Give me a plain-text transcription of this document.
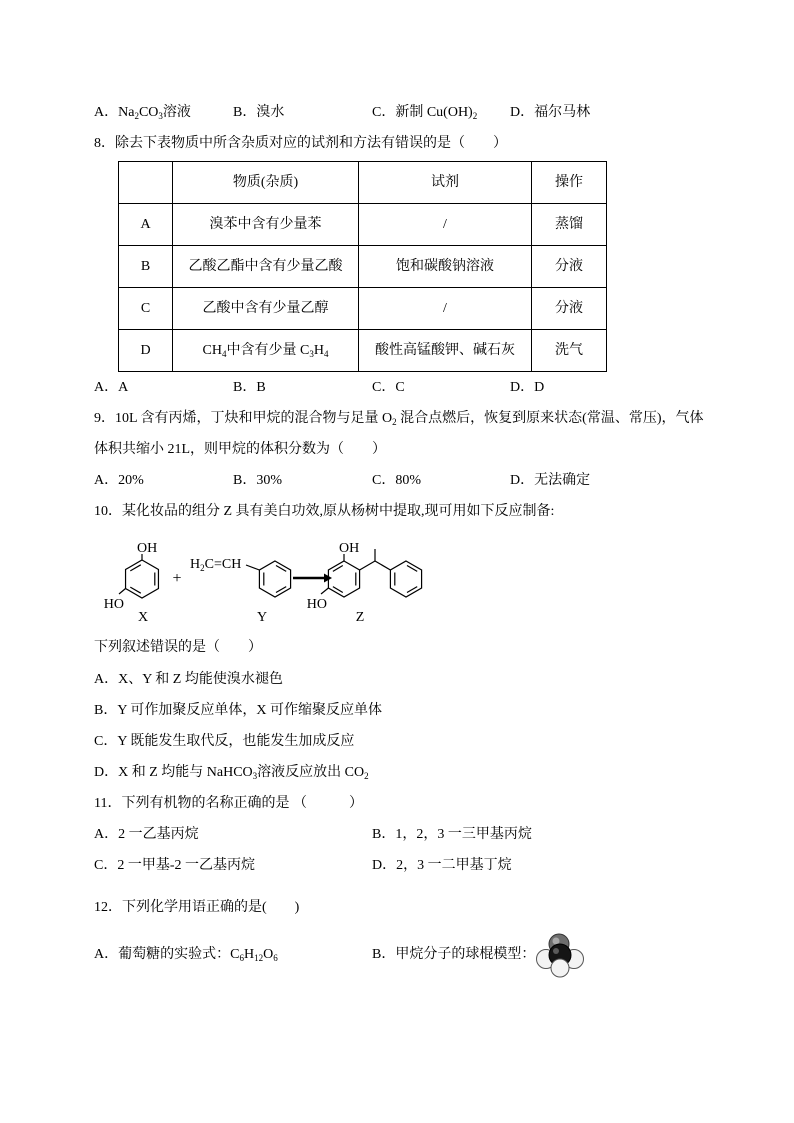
A．$Na_2CO_3$溶液	B．溴水	C．新制 $Cu(OH)_2$ D．福尔马林
8．除去下表物质中所含杂质对应的试剂和方法有错误的是（　　）
	物质(杂质)	试剂	操作
A	溴苯中含有少量苯	/	蒸馏
B	乙酸乙酯中含有少量乙酸	饱和碳酸钠溶液	分液
C	乙酸中含有少量乙醇	/	分液
D	$CH_4$中含有少量 $C_3H_4$	酸性高锰酸钾、碱石灰	洗气
A．A	B．B	C．C	D．D
9．10L 含有丙烯，丁炔和甲烷的混合物与足量 $O_2$ 混合点燃后，恢复到原来状态(常温、常压)，气体
体积共缩小 21L，则甲烷的体积分数为（　　）
A．20%	B．30%	C．80%	D．无法确定
10．某化妆品的组分 Z 具有美白功效,原从杨树中提取,现可用如下反应制备:
OH
HO
X
+
$H_2C=CH$
Y
OH
HO
Z
下列叙述错误的是（　　）
A．X、Y 和 Z 均能使溴水褪色
B．Y 可作加聚反应单体，X 可作缩聚反应单体
C．Y 既能发生取代反，也能发生加成反应
D．X 和 Z 均能与 NaHCO$_3$溶液反应放出 $CO_2$
11．下列有机物的名称正确的是 （　　　）
A．2 一乙基丙烷	B．1，2，3 一三甲基丙烷
C．2 一甲基-2 一乙基丙烷	D．2，3 一二甲基丁烷
12．下列化学用语正确的是(　　)
A．葡萄糖的实验式：$C_6H_{12}O_6$	B．甲烷分子的球棍模型：
